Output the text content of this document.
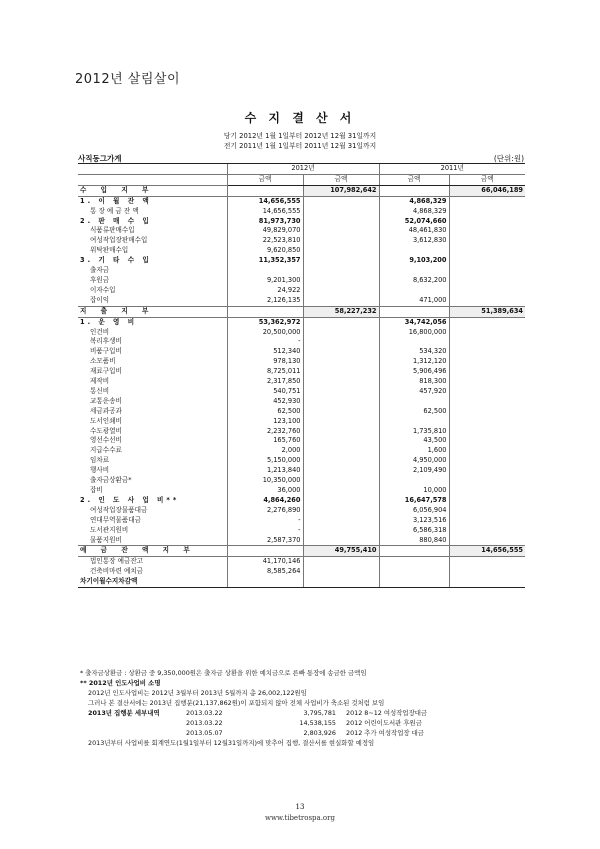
2012년 살림살이
수 지 결 산 서
당기 2012년 1월 1일부터 2012년 12월 31일까지
전기 2011년 1월 1일부터 2011년 12월 31일까지
사직동그가게	(단위:원)
	2012년		2011년	
	금액	금액	금액	금액
수 입 지 부		107,982,642		66,046,189
1. 이 월 잔 액	14,656,555		4,868,329	
통 장 예 금 잔 액	14,656,555		4,868,329	
2. 판 매 수 입	81,973,730		52,074,660	
식품류판매수입	49,829,070		48,461,830	
여성작업장판매수입	22,523,810		3,612,830	
위탁판매수입	9,620,850			
3. 기 타 수 입	11,352,357		9,103,200	
출자금				
후원금	9,201,300		8,632,200	
이자수입	24,922			
잡이익	2,126,135		471,000	
지 출 지 부		58,227,232		51,389,634
1. 운 영 비	53,362,972		34,742,056	
인건비	20,500,000		16,800,000	
복리후생비	-			
비품구입비	512,340		534,320	
소모품비	978,130		1,312,120	
재료구입비	8,725,011		5,906,496	
제작비	2,317,850		818,300	
통신비	540,751		457,920	
교통운송비	452,930			
세금과공과	62,500		62,500	
도서인쇄비	123,100			
수도광열비	2,232,760		1,735,810	
영선수선비	165,760		43,500	
지급수수료	2,000		1,600	
임차료	5,150,000		4,950,000	
행사비	1,213,840		2,109,490	
출자금상환금*	10,350,000			
잡비	36,000		10,000	
2. 인 도 사 업 비**	4,864,260		16,647,578	
여성작업장물품대금	2,276,890		6,056,904	
연대무역물품대금	-		3,123,516	
도서관지원비	-		6,586,318	
물품지원비	2,587,370		880,840	
예 금 잔 액 지 부		49,755,410		14,656,555
법인통장 예금잔고	41,170,146			
건축비마련 예치금	8,585,264			
차기이월수지차감액				
* 출자금상환금 : 상환금 중 9,350,000원은 출자금 상환을 위한 예치금으로 른빠 통장에 송금한 금액임
** 2012년 인도사업비 소명
2012년 인도사업비는 2012년 3월부터 2013년 5월까지 총 26,002,122원임
그러나 본 결산서에는 2013년 집행분(21,137,862원)이 포함되지 않아 전체 사업비가 축소된 것처럼 보임
2013년 집행분 세부내역	2013.03.22	3,795,781	2012 8~12 여성작업장대금
2013.03.22	14,538,155	2012 어린이도서관 후원금
2013.05.07	2,803,926	2012 추가 여성작업장 대금
2013년부터 사업비를 회계연도(1월1일부터 12월31일까지)에 맞추어 집행, 결산서를 현실화할 예정임
13
www.tibetrospa.org
